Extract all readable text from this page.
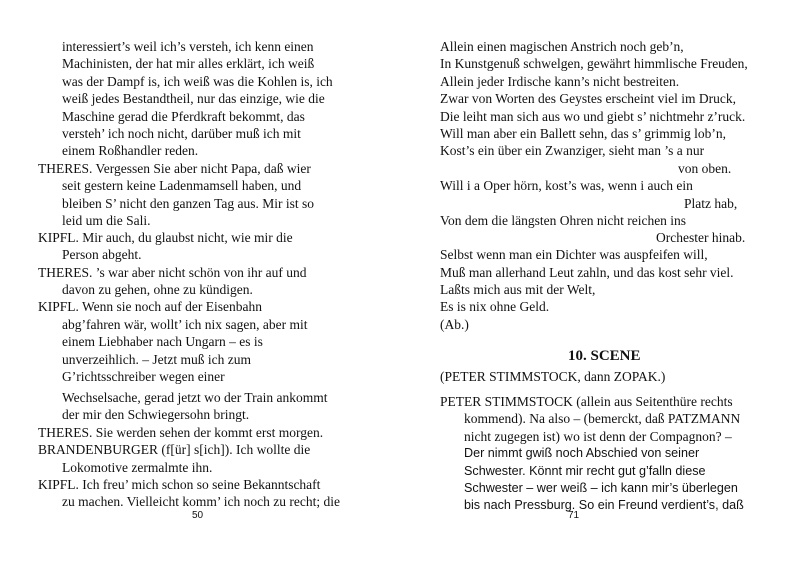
interessiert’s weil ich’s versteh, ich kenn einen
Machinisten, der hat mir alles erklärt, ich weiß
was der Dampf is, ich weiß was die Kohlen is, ich
weiß jedes Bestandtheil, nur das einzige, wie die
Maschine gerad die Pferdkraft bekommt, das
versteh’ ich noch nicht, darüber muß ich mit
einem Roßhandler reden.
THERES. Vergessen Sie aber nicht Papa, daß wier
seit gestern keine Ladenmamsell haben, und
bleiben S’ nicht den ganzen Tag aus. Mir ist so
leid um die Sali.
KIPFL. Mir auch, du glaubst nicht, wie mir die
Person abgeht.
THERES. ’s war aber nicht schön von ihr auf und
davon zu gehen, ohne zu kündigen.
KIPFL. Wenn sie noch auf der Eisenbahn
abg’fahren wär, wollt’ ich nix sagen, aber mit
einem Liebhaber nach Ungarn – es is
unverzeihlich. – Jetzt muß ich zum
G’richtsschreiber wegen einer
Wechselsache, gerad jetzt wo der Train ankommt
der mir den Schwiegersohn bringt.
THERES. Sie werden sehen der kommt erst morgen.
BRANDENBURGER (f[ür] s[ich]). Ich wollte die
Lokomotive zermalmte ihn.
KIPFL. Ich freu’ mich schon so seine Bekanntschaft
zu machen. Vielleicht komm’ ich noch zu recht; die
50
Allein einen magischen Anstrich noch geb’n,
In Kunstgenuß schwelgen, gewährt himmlische Freuden,
Allein jeder Irdische kann’s nicht bestreiten.
Zwar von Worten des Geystes erscheint viel im Druck,
Die leiht man sich aus wo und giebt s’ nichtmehr z’ruck.
Will man aber ein Ballett sehn, das s’ grimmig lob’n,
Kost’s ein über ein Zwanziger, sieht man ’s a nur
von oben.
Will i a Oper hörn, kost’s was, wenn i auch ein
Platz hab,
Von dem die längsten Ohren nicht reichen ins
Orchester hinab.
Selbst wenn man ein Dichter was auspfeifen will,
Muß man allerhand Leut zahln, und das kost sehr viel.
Laßts mich aus mit der Welt,
Es is nix ohne Geld.
(Ab.)
10. SCENE
(PETER STIMMSTOCK, dann ZOPAK.)
PETER STIMMSTOCK (allein aus Seitenthüre rechts
kommend). Na also – (bemerckt, daß PATZMANN
nicht zugegen ist) wo ist denn der Compagnon? –
Der nimmt gwiß noch Abschied von seiner
Schwester. Könnt mir recht gut g’falln diese
Schwester – wer weiß – ich kann mir’s überlegen
bis nach Pressburg. So ein Freund verdient’s, daß
71
